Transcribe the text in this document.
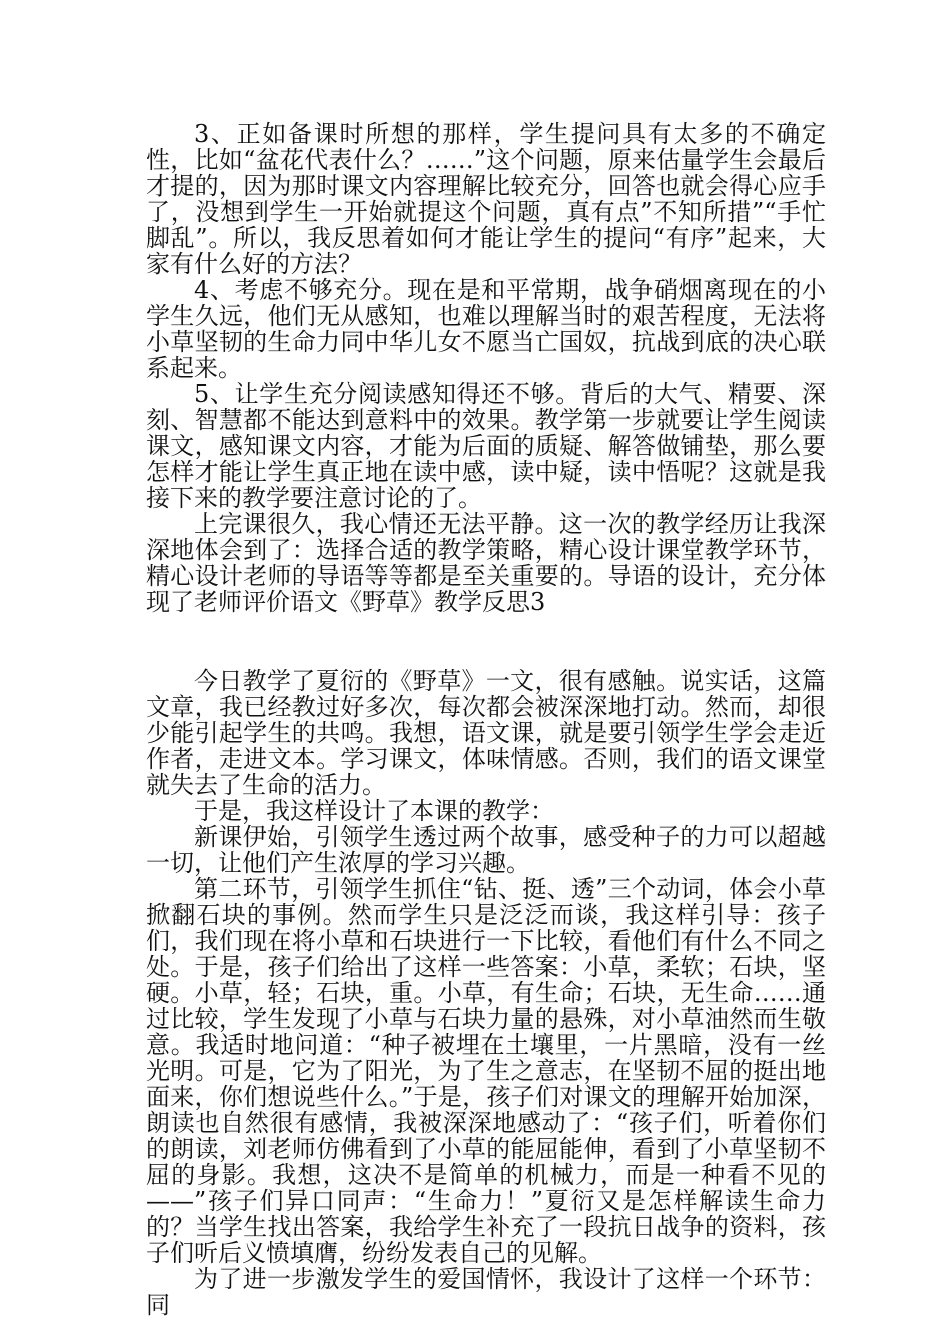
3、正如备课时所想的那样，学生提问具有太多的不确定性，比如“盆花代表什么？……”这个问题，原来估量学生会最后才提的，因为那时课文内容理解比较充分，回答也就会得心应手了，没想到学生一开始就提这个问题，真有点”不知所措”“手忙脚乱”。所以，我反思着如何才能让学生的提问“有序”起来，大家有什么好的方法？

4、考虑不够充分。现在是和平常期，战争硝烟离现在的小学生久远，他们无从感知，也难以理解当时的艰苦程度，无法将小草坚韧的生命力同中华儿女不愿当亡国奴，抗战到底的决心联系起来。

5、让学生充分阅读感知得还不够。背后的大气、精要、深刻、智慧都不能达到意料中的效果。教学第一步就要让学生阅读课文，感知课文内容，才能为后面的质疑、解答做铺垫，那么要怎样才能让学生真正地在读中感，读中疑，读中悟呢？这就是我接下来的教学要注意讨论的了。

上完课很久，我心情还无法平静。这一次的教学经历让我深深地体会到了：选择合适的教学策略，精心设计课堂教学环节，精心设计老师的导语等等都是至关重要的。导语的设计，充分体现了老师评价语文《野草》教学反思3

今日教学了夏衍的《野草》一文，很有感触。说实话，这篇文章，我已经教过好多次，每次都会被深深地打动。然而，却很少能引起学生的共鸣。我想，语文课，就是要引领学生学会走近作者，走进文本。学习课文，体味情感。否则，我们的语文课堂就失去了生命的活力。

于是，我这样设计了本课的教学：

新课伊始，引领学生透过两个故事，感受种子的力可以超越一切，让他们产生浓厚的学习兴趣。

第二环节，引领学生抓住“钻、挺、透”三个动词，体会小草掀翻石块的事例。然而学生只是泛泛而谈，我这样引导：孩子们，我们现在将小草和石块进行一下比较，看他们有什么不同之处。于是，孩子们给出了这样一些答案：小草，柔软；石块，坚硬。小草，轻；石块，重。小草，有生命；石块，无生命……通过比较，学生发现了小草与石块力量的悬殊，对小草油然而生敬意。我适时地问道：“种子被埋在土壤里，一片黑暗，没有一丝光明。可是，它为了阳光，为了生之意志，在坚韧不屈的挺出地面来，你们想说些什么。”于是，孩子们对课文的理解开始加深，朗读也自然很有感情，我被深深地感动了：“孩子们，听着你们的朗读，刘老师仿佛看到了小草的能屈能伸，看到了小草坚韧不屈的身影。我想，这决不是简单的机械力，而是一种看不见的——”孩子们异口同声：“生命力！”夏衍又是怎样解读生命力的？当学生找出答案，我给学生补充了一段抗日战争的资料，孩子们听后义愤填膺，纷纷发表自己的见解。

为了进一步激发学生的爱国情怀，我设计了这样一个环节：同
